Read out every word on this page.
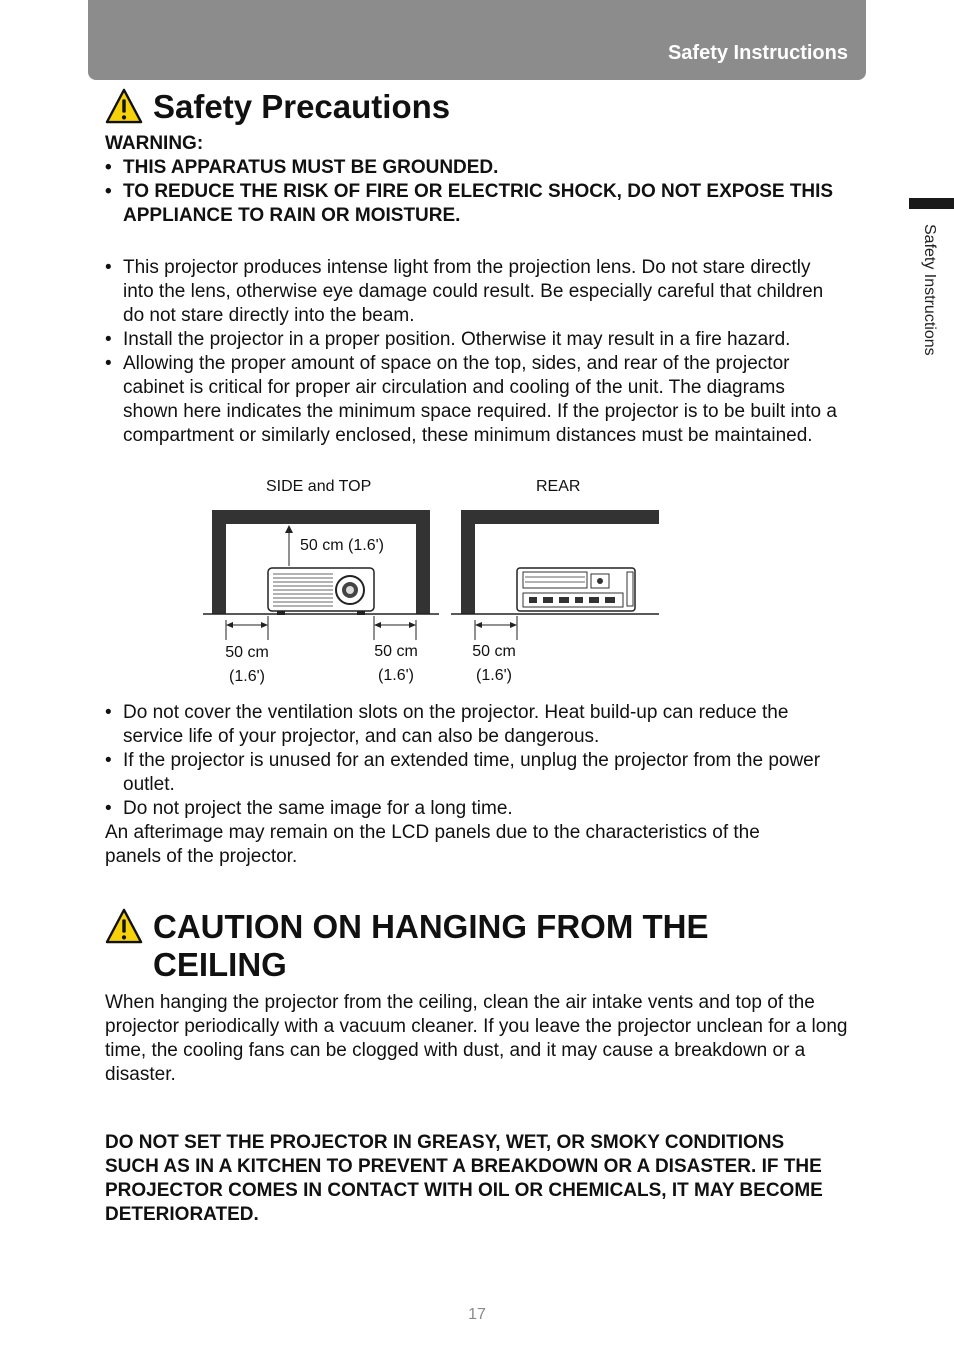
Safety Instructions
Safety Instructions
Safety Precautions
WARNING:
• THIS APPARATUS MUST BE GROUNDED.
• TO REDUCE THE RISK OF FIRE OR ELECTRIC SHOCK, DO NOT EXPOSE THIS APPLIANCE TO RAIN OR MOISTURE.
• This projector produces intense light from the projection lens. Do not stare directly into the lens, otherwise eye damage could result. Be especially careful that children do not stare directly into the beam.
• Install the projector in a proper position. Otherwise it may result in a fire hazard.
• Allowing the proper amount of space on the top, sides, and rear of the projector cabinet is critical for proper air circulation and cooling of the unit. The diagrams shown here indicates the minimum space required. If the projector is to be built into a compartment or similarly enclosed, these minimum distances must be maintained.
SIDE and TOP	REAR
50 cm (1.6')
50 cm
(1.6')
50 cm
(1.6')
50 cm
(1.6')
• Do not cover the ventilation slots on the projector. Heat build-up can reduce the service life of your projector, and can also be dangerous.
• If the projector is unused for an extended time, unplug the projector from the power outlet.
• Do not project the same image for a long time.
An afterimage may remain on the LCD panels due to the characteristics of the panels of the projector.
CAUTION ON HANGING FROM THE
CEILING
When hanging the projector from the ceiling, clean the air intake vents and top of the projector periodically with a vacuum cleaner. If you leave the projector unclean for a long time, the cooling fans can be clogged with dust, and it may cause a breakdown or a disaster.
DO NOT SET THE PROJECTOR IN GREASY, WET, OR SMOKY CONDITIONS SUCH AS IN A KITCHEN TO PREVENT A BREAKDOWN OR A DISASTER. IF THE PROJECTOR COMES IN CONTACT WITH OIL OR CHEMICALS, IT MAY BECOME DETERIORATED.
17
